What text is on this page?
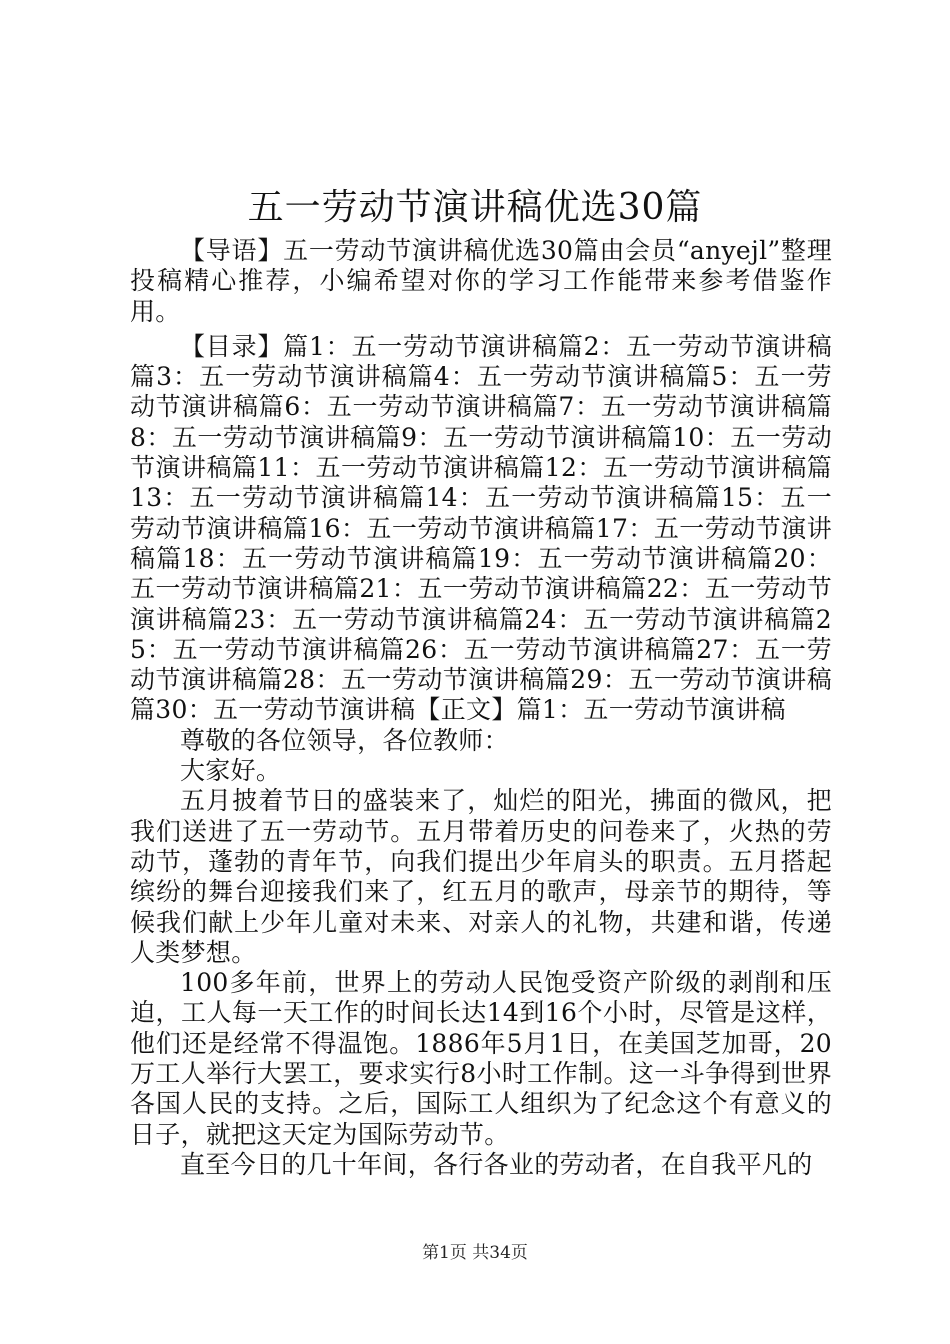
五一劳动节演讲稿优选30篇

【导语】五一劳动节演讲稿优选30篇由会员“anyejl”整理投稿精心推荐，小编希望对你的学习工作能带来参考借鉴作用。

【目录】篇1：五一劳动节演讲稿篇2：五一劳动节演讲稿篇3：五一劳动节演讲稿篇4：五一劳动节演讲稿篇5：五一劳动节演讲稿篇6：五一劳动节演讲稿篇7：五一劳动节演讲稿篇8：五一劳动节演讲稿篇9：五一劳动节演讲稿篇10：五一劳动节演讲稿篇11：五一劳动节演讲稿篇12：五一劳动节演讲稿篇13：五一劳动节演讲稿篇14：五一劳动节演讲稿篇15：五一劳动节演讲稿篇16：五一劳动节演讲稿篇17：五一劳动节演讲稿篇18：五一劳动节演讲稿篇19：五一劳动节演讲稿篇20：五一劳动节演讲稿篇21：五一劳动节演讲稿篇22：五一劳动节演讲稿篇23：五一劳动节演讲稿篇24：五一劳动节演讲稿篇25：五一劳动节演讲稿篇26：五一劳动节演讲稿篇27：五一劳动节演讲稿篇28：五一劳动节演讲稿篇29：五一劳动节演讲稿篇30：五一劳动节演讲稿【正文】篇1：五一劳动节演讲稿

尊敬的各位领导，各位教师：

大家好。

五月披着节日的盛装来了，灿烂的阳光，拂面的微风，把我们送进了五一劳动节。五月带着历史的问卷来了，火热的劳动节，蓬勃的青年节，向我们提出少年肩头的职责。五月搭起缤纷的舞台迎接我们来了，红五月的歌声，母亲节的期待，等候我们献上少年儿童对未来、对亲人的礼物，共建和谐，传递人类梦想。

100多年前，世界上的劳动人民饱受资产阶级的剥削和压迫，工人每一天工作的时间长达14到16个小时，尽管是这样，他们还是经常不得温饱。1886年5月1日，在美国芝加哥，20万工人举行大罢工，要求实行8小时工作制。这一斗争得到世界各国人民的支持。之后，国际工人组织为了纪念这个有意义的日子，就把这天定为国际劳动节。

直至今日的几十年间，各行各业的劳动者，在自我平凡的

第1页 共34页
